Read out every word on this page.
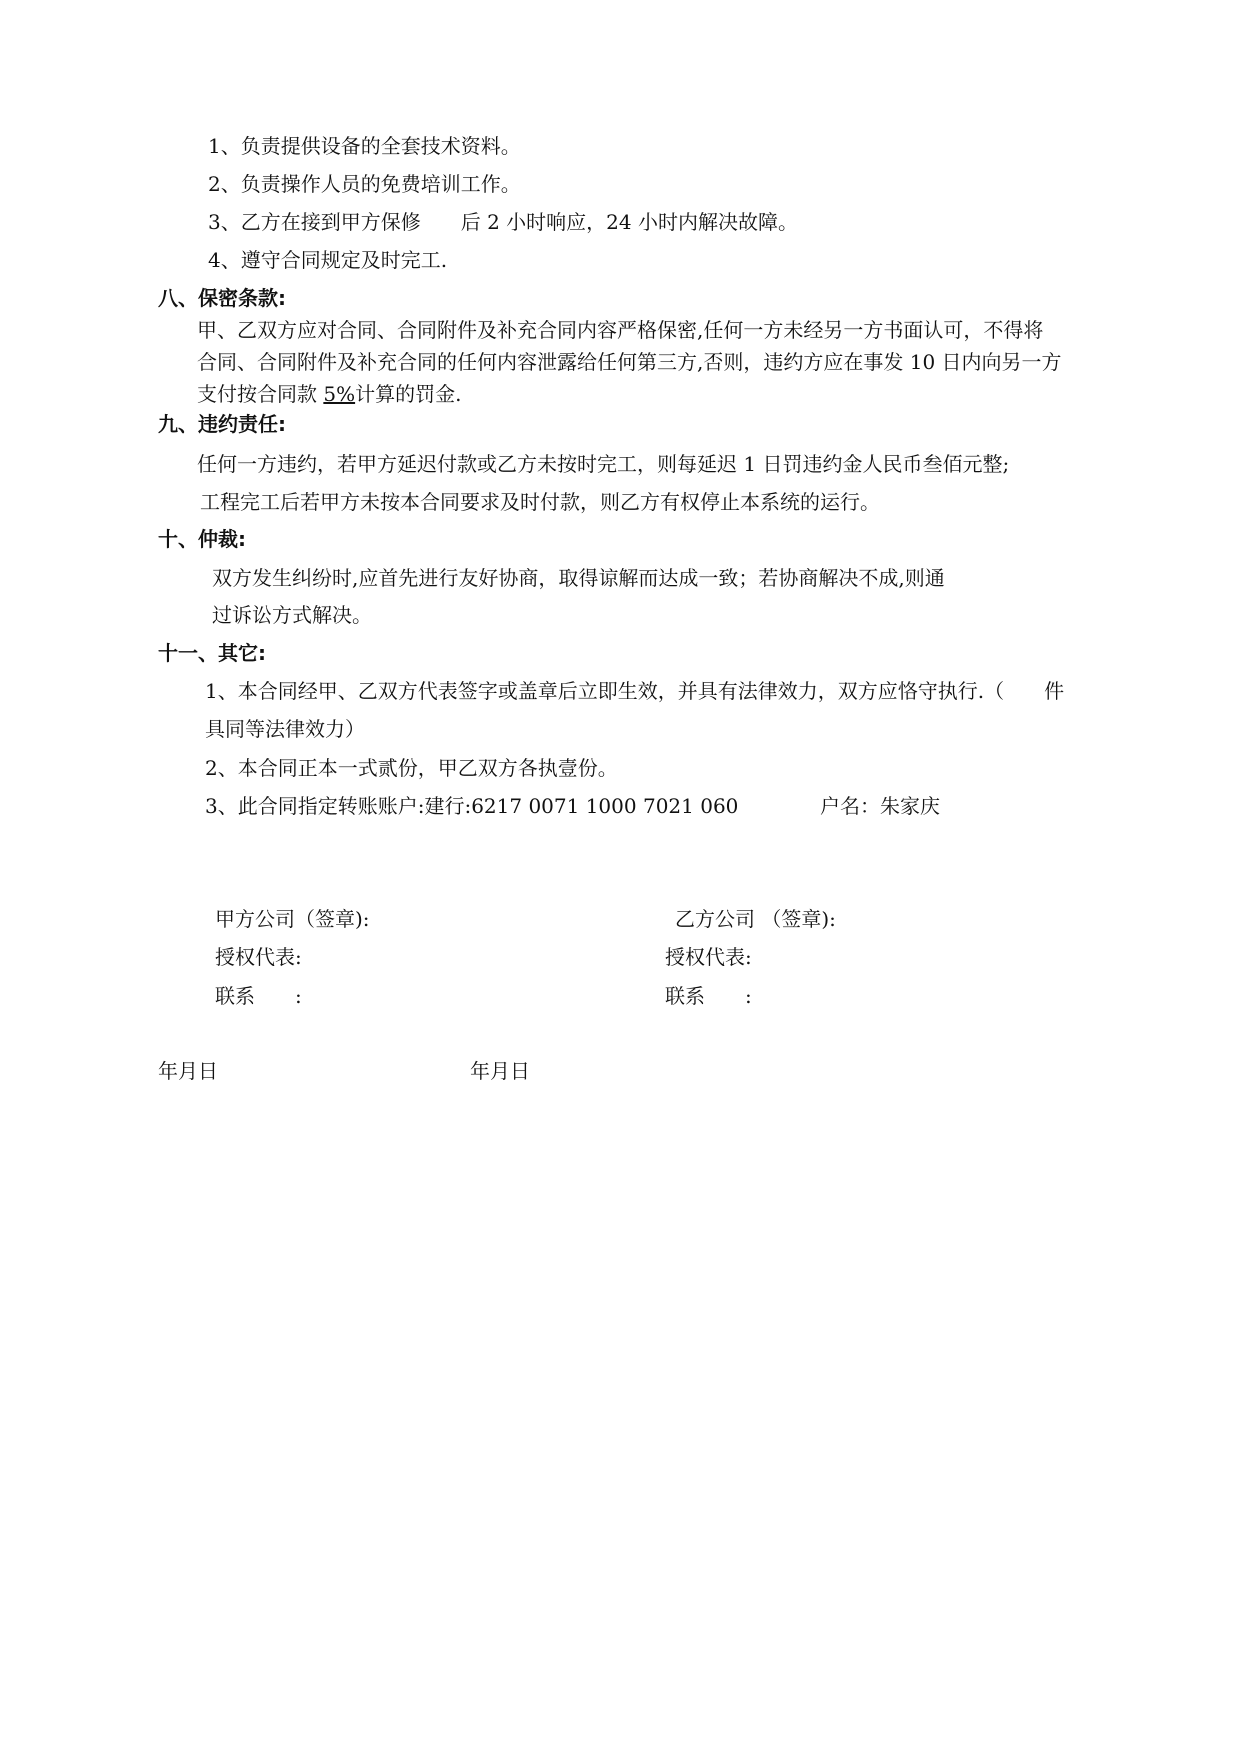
1、负责提供设备的全套技术资料。
2、负责操作人员的免费培训工作。
3、乙方在接到甲方保修　　后 2 小时响应，24 小时内解决故障。
4、遵守合同规定及时完工.
八、保密条款:
甲、乙双方应对合同、合同附件及补充合同内容严格保密,任何一方未经另一方书面认可，不得将
合同、合同附件及补充合同的任何内容泄露给任何第三方,否则，违约方应在事发 10 日内向另一方
支付按合同款 5%计算的罚金.
九、违约责任:
任何一方违约，若甲方延迟付款或乙方未按时完工，则每延迟 1 日罚违约金人民币叁佰元整;
工程完工后若甲方未按本合同要求及时付款，则乙方有权停止本系统的运行。
十、仲裁:
双方发生纠纷时,应首先进行友好协商，取得谅解而达成一致；若协商解决不成,则通
过诉讼方式解决。
十一、其它:
1、本合同经甲、乙双方代表签字或盖章后立即生效，并具有法律效力，双方应恪守执行.（　　件
具同等法律效力）
2、本合同正本一式贰份，甲乙双方各执壹份。
3、此合同指定转账账户:建行:6217 0071 1000 7021 060	户名：朱家庆
甲方公司（签章):	乙方公司 （签章):
授权代表:	授权代表:
联系　　:	联系　　:
年月日	年月日
